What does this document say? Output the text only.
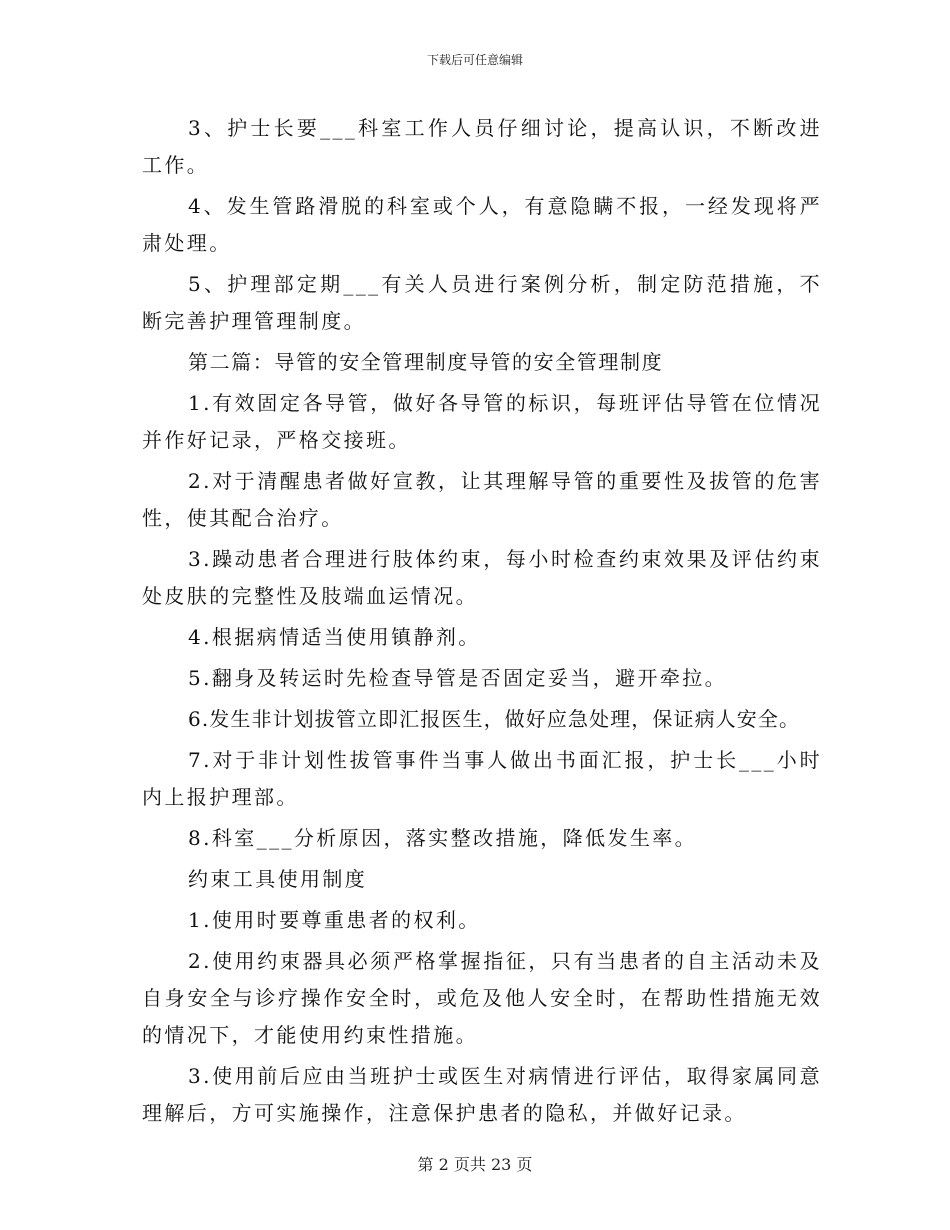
下载后可任意编辑

3、护士长要___科室工作人员仔细讨论，提高认识，不断改进工作。

4、发生管路滑脱的科室或个人，有意隐瞒不报，一经发现将严肃处理。

5、护理部定期___有关人员进行案例分析，制定防范措施，不断完善护理管理制度。

第二篇：导管的安全管理制度导管的安全管理制度

1.有效固定各导管，做好各导管的标识，每班评估导管在位情况并作好记录，严格交接班。

2.对于清醒患者做好宣教，让其理解导管的重要性及拔管的危害性，使其配合治疗。

3.躁动患者合理进行肢体约束，每小时检查约束效果及评估约束处皮肤的完整性及肢端血运情况。

4.根据病情适当使用镇静剂。

5.翻身及转运时先检查导管是否固定妥当，避开牵拉。

6.发生非计划拔管立即汇报医生，做好应急处理，保证病人安全。

7.对于非计划性拔管事件当事人做出书面汇报，护士长___小时内上报护理部。

8.科室___分析原因，落实整改措施，降低发生率。

约束工具使用制度

1.使用时要尊重患者的权利。

2.使用约束器具必须严格掌握指征，只有当患者的自主活动未及自身安全与诊疗操作安全时，或危及他人安全时，在帮助性措施无效的情况下，才能使用约束性措施。

3.使用前后应由当班护士或医生对病情进行评估，取得家属同意理解后，方可实施操作，注意保护患者的隐私，并做好记录。

第 2 页共 23 页
